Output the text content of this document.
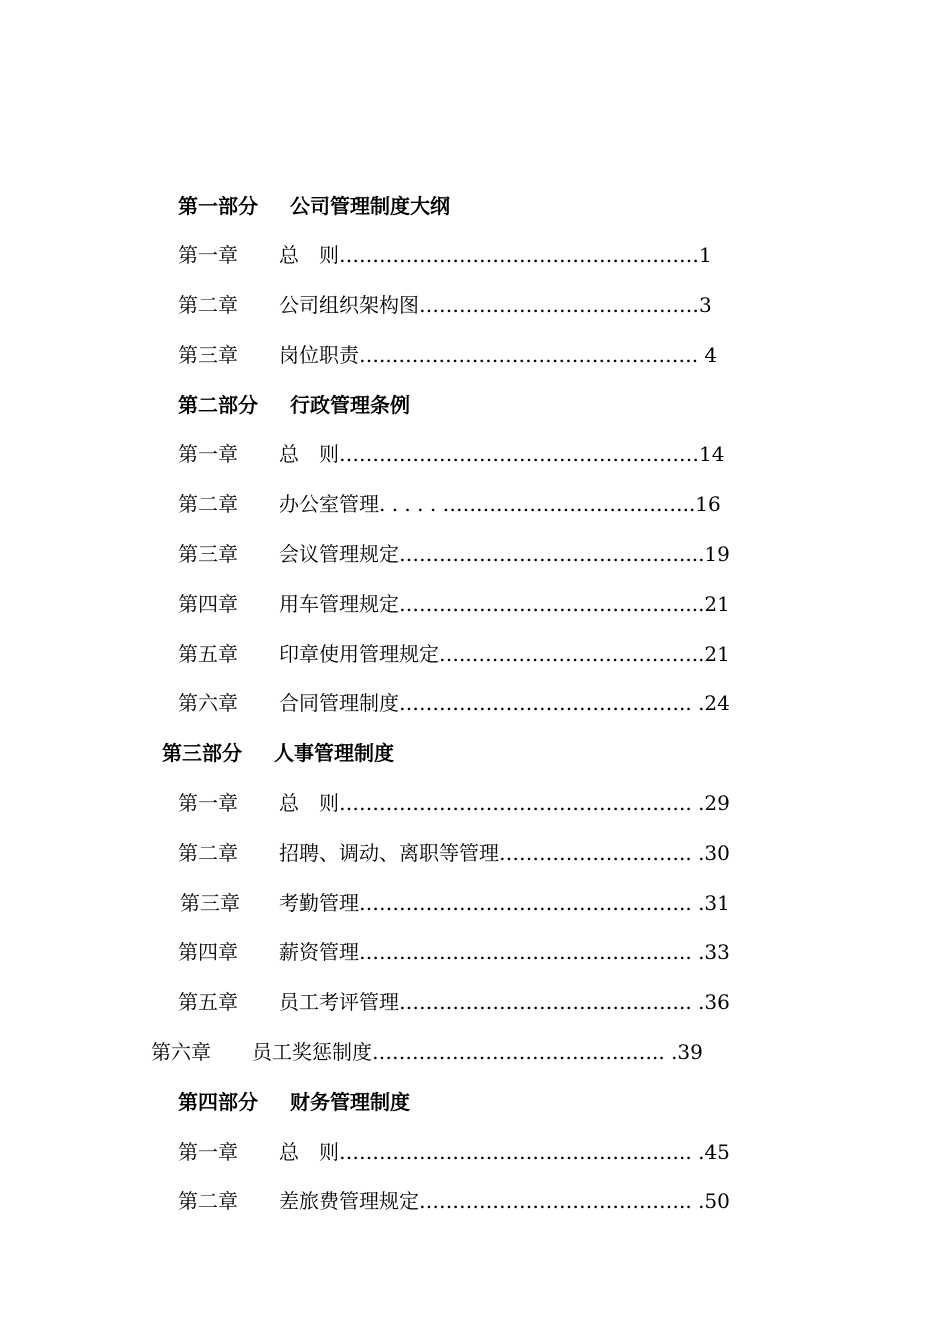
第一部分 公司管理制度大纲
第一章 总　则………………………………………………1
第二章 公司组织架构图……………………………………3
第三章 岗位职责…..………………………………………. 4
第二部分 行政管理条例
第一章 总　则………………………………………………14
第二章 办公室管理. . . . . ………………………………..16
第三章 会议管理规定……………………………………....19
第四章 用车管理规定……………………………………....21
第五章 印章使用管理规定…..……………………………..21
第六章 合同管理制度…………………………………….. .24
第三部分 人事管理制度
第一章 总　则…………………………………………….. .29
第二章 招聘、调动、离职等管理……………………….. .30
第三章 考勤管理………………………………………….. .31
第四章 薪资管理………………………………………….. .33
第五章 员工考评管理…………………………………….. .36
第六章 员工奖惩制度…………………………………….. .39
第四部分 财务管理制度
第一章 总　则…………………………………………….. .45
第二章 差旅费管理规定………………………………….. .50
